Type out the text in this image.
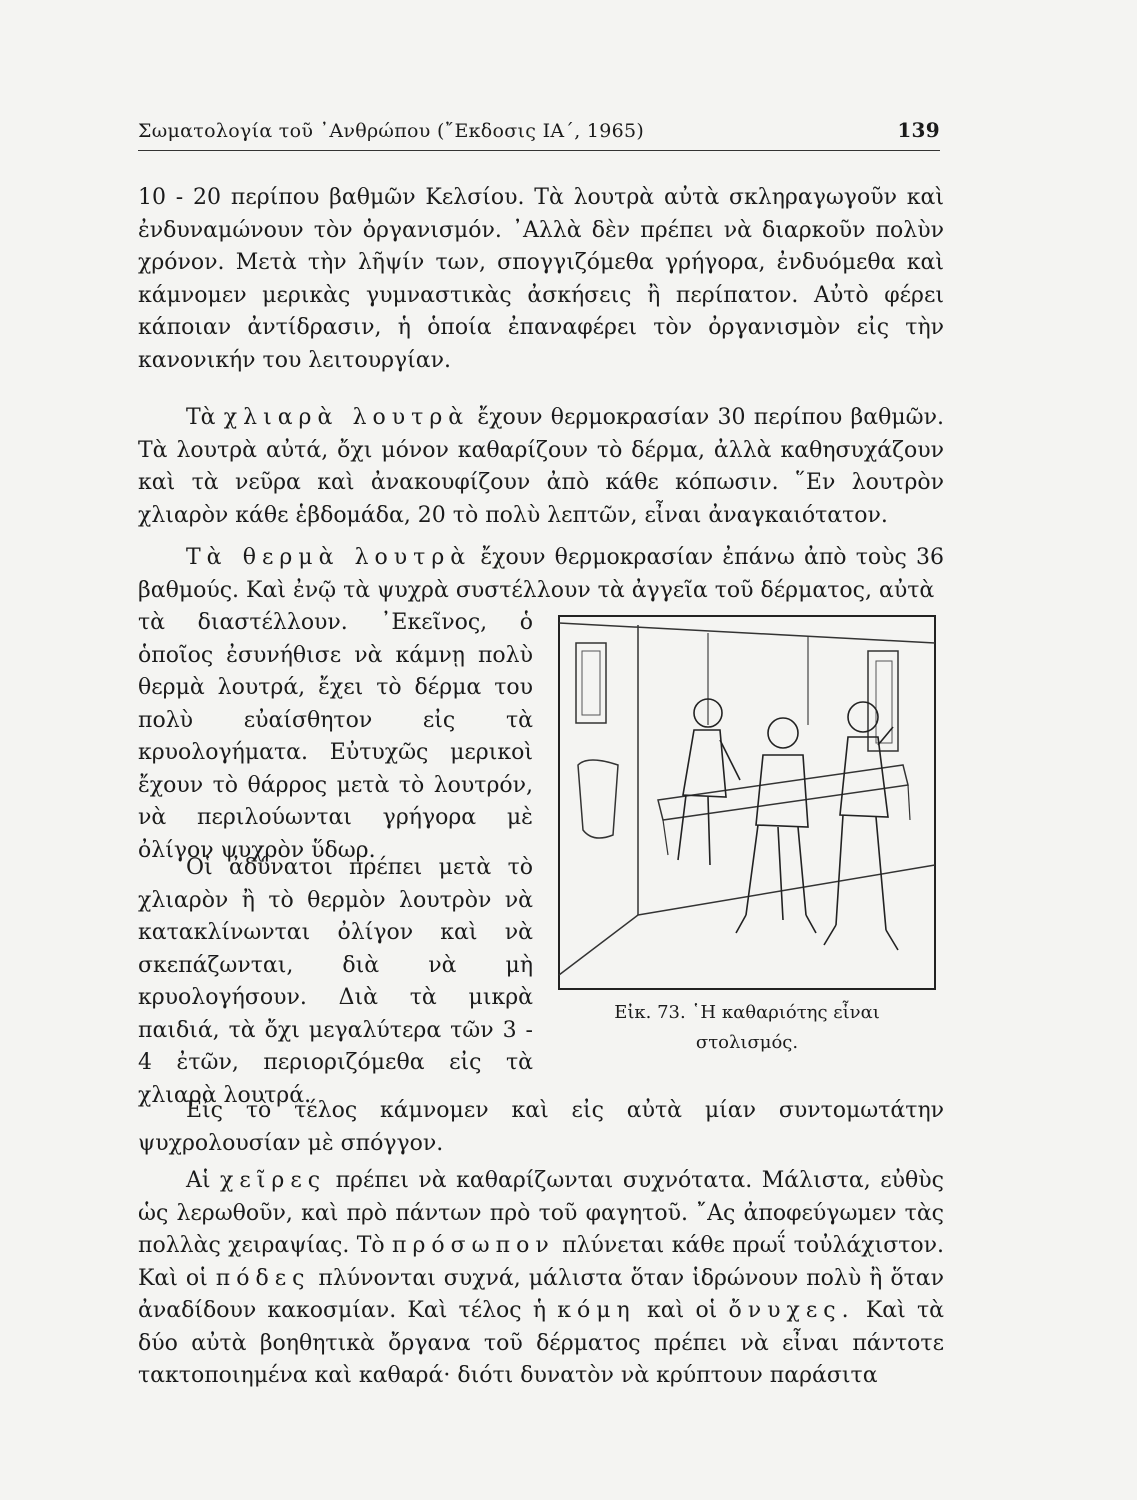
Σωματολογία τοῦ ᾿Ανθρώπου (῎Εκδοσις ΙΑ΄, 1965)	139

10 - 20 περίπου βαθμῶν Κελσίου. Τὰ λουτρὰ αὐτὰ σκληραγωγοῦν καὶ ἐνδυναμώνουν τὸν ὀργανισμόν. ᾿Αλλὰ δὲν πρέπει νὰ διαρκοῦν πολὺν χρόνον. Μετὰ τὴν λῆψίν των, σπογγιζόμεθα γρήγορα, ἐνδυόμεθα καὶ κάμνομεν μερικὰς γυμναστικὰς ἀσκήσεις ἢ περίπατον. Αὐτὸ φέρει κάποιαν ἀντίδρασιν, ἡ ὁποία ἐπαναφέρει τὸν ὀργανισμὸν εἰς τὴν κανονικήν του λειτουργίαν.

Τὰ χλιαρὰ λουτρὰ ἔχουν θερμοκρασίαν 30 περίπου βαθμῶν. Τὰ λουτρὰ αὐτά, ὄχι μόνον καθαρίζουν τὸ δέρμα, ἀλλὰ καθησυχάζουν καὶ τὰ νεῦρα καὶ ἀνακουφίζουν ἀπὸ κάθε κόπωσιν. ῞Εν λουτρὸν χλιαρὸν κάθε ἑβδομάδα, 20 τὸ πολὺ λεπτῶν, εἶναι ἀναγκαιότατον.

Τὰ θερμὰ λουτρὰ ἔχουν θερμοκρασίαν ἐπάνω ἀπὸ τοὺς 36 βαθμούς. Καὶ ἐνῷ τὰ ψυχρὰ συστέλλουν τὰ ἀγγεῖα τοῦ δέρματος, αὐτὰ

τὰ διαστέλλουν. ᾿Εκεῖνος, ὁ ὁποῖος ἐσυνήθισε νὰ κάμνῃ πολὺ θερμὰ λουτρά, ἔχει τὸ δέρμα του πολὺ εὐαίσθητον εἰς τὰ κρυολογήματα. Εὐτυχῶς μερικοὶ ἔχουν τὸ θάρρος μετὰ τὸ λουτρόν, νὰ περιλούωνται γρήγορα μὲ ὀλίγον ψυχρὸν ὕδωρ.

Οἱ ἀδύνατοι πρέπει μετὰ τὸ χλιαρὸν ἢ τὸ θερμὸν λουτρὸν νὰ κατακλίνωνται ὀλίγον καὶ νὰ σκεπάζωνται, διὰ νὰ μὴ κρυολογήσουν. Διὰ τὰ μικρὰ παιδιά, τὰ ὄχι μεγαλύτερα τῶν 3 - 4 ἐτῶν, περιοριζόμεθα εἰς τὰ χλιαρὰ λουτρά.

Εἰκ. 73. ῾Η καθαριότης εἶναι
στολισμός.

Εἰς τὸ τέλος κάμνομεν καὶ εἰς αὐτὰ μίαν συντομωτάτην ψυχρολουσίαν μὲ σπόγγον.

Αἱ χεῖρες πρέπει νὰ καθαρίζωνται συχνότατα. Μάλιστα, εὐθὺς ὡς λερωθοῦν, καὶ πρὸ πάντων πρὸ τοῦ φαγητοῦ. ῎Ας ἀποφεύγωμεν τὰς πολλὰς χειραψίας. Τὸ πρόσωπον πλύνεται κάθε πρωΐ τοὐλάχιστον. Καὶ οἱ πόδες πλύνονται συχνά, μάλιστα ὅταν ἱδρώνουν πολὺ ἢ ὅταν ἀναδίδουν κακοσμίαν. Καὶ τέλος ἡ κόμη καὶ οἱ ὄνυχες. Καὶ τὰ δύο αὐτὰ βοηθητικὰ ὄργανα τοῦ δέρματος πρέπει νὰ εἶναι πάντοτε τακτοποιημένα καὶ καθαρά· διότι δυνατὸν νὰ κρύπτουν παράσιτα
